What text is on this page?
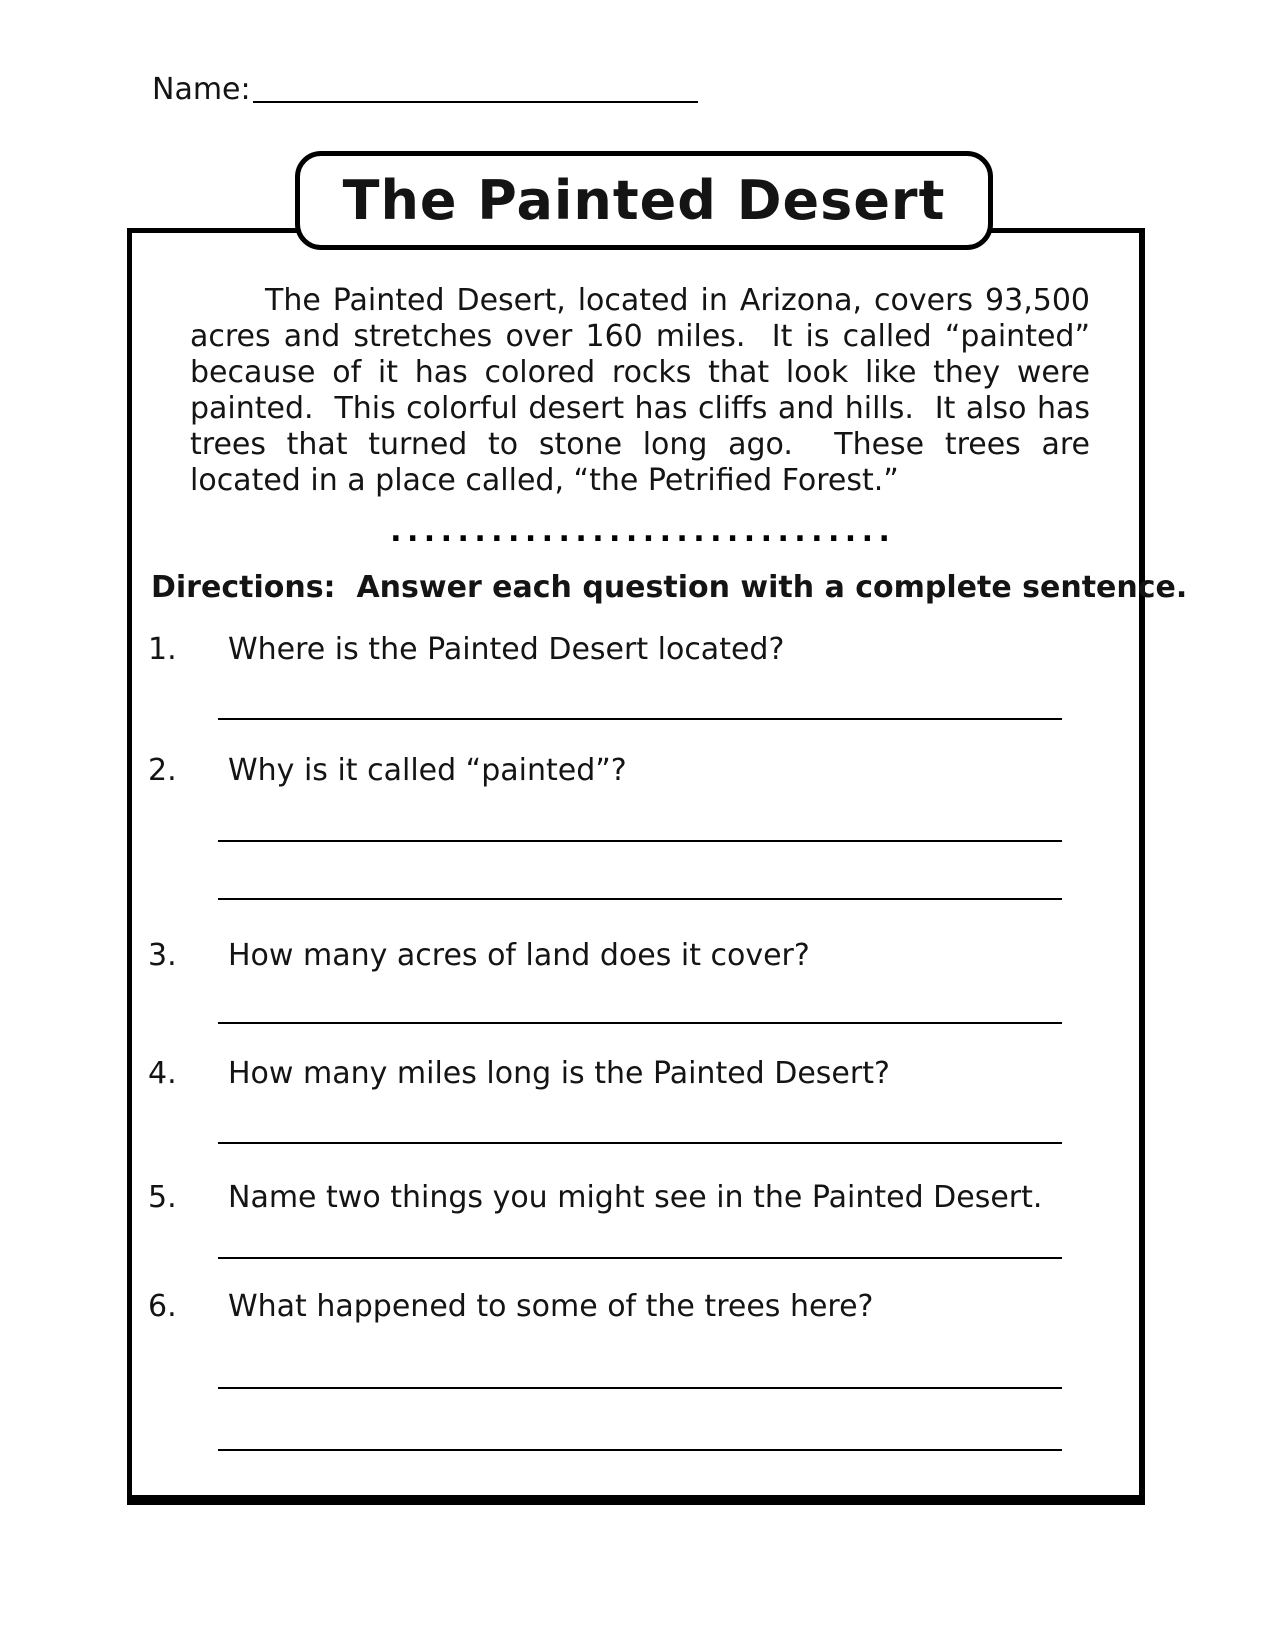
Name:
The Painted Desert
The Painted Desert, located in Arizona, covers 93,500 acres and stretches over 160 miles.  It is called “painted” because of it has colored rocks that look like they were painted.  This colorful desert has cliffs and hills.  It also has trees that turned to stone long ago.  These trees are located in a place called, “the Petrified Forest.”
. . . . . . . . . . . . . . . . . . . . . . . . . . . . . .
Directions:  Answer each question with a complete sentence.
1. Where is the Painted Desert located?
2. Why is it called “painted”?
3. How many acres of land does it cover?
4. How many miles long is the Painted Desert?
5. Name two things you might see in the Painted Desert.
6. What happened to some of the trees here?
